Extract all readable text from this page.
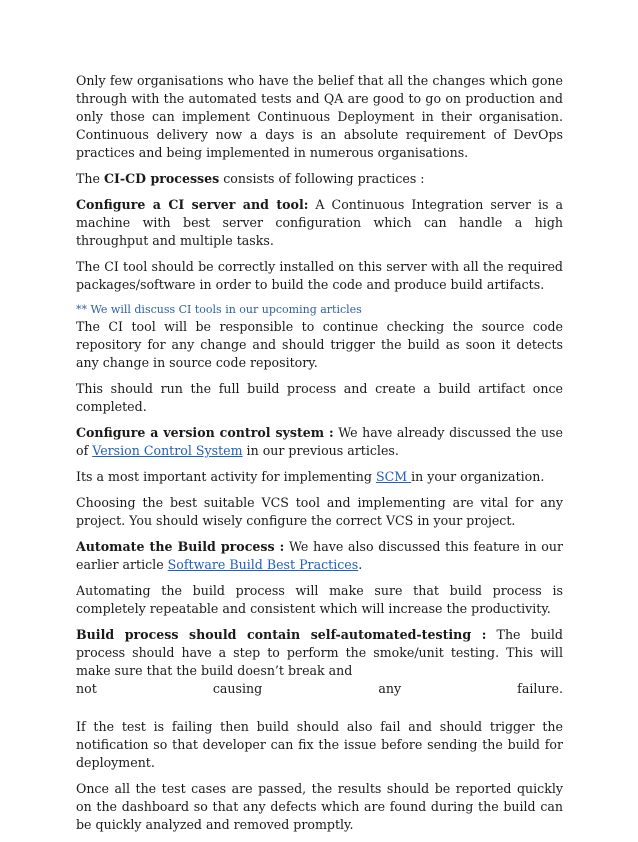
Only few organisations who have the belief that all the changes which gone through with the automated tests and QA are good to go on production and only those can implement Continuous Deployment in their organisation. Continuous delivery now a days is an absolute requirement of DevOps practices and being implemented in numerous organisations.

The CI-CD processes consists of following practices :

Configure a CI server and tool: A Continuous Integration server is a machine with best server configuration which can handle a high throughput and multiple tasks.

The CI tool should be correctly installed on this server with all the required packages/software in order to build the code and produce build artifacts.

** We will discuss CI tools in our upcoming articles

The CI tool will be responsible to continue checking the source code repository for any change and should trigger the build as soon it detects any change in source code repository.

This should run the full build process and create a build artifact once completed.

Configure a version control system : We have already discussed the use of Version Control System in our previous articles.

Its a most important activity for implementing SCM in your organization.

Choosing the best suitable VCS tool and implementing are vital for any project. You should wisely configure the correct VCS in your project.

Automate the Build process : We have also discussed this feature in our earlier article Software Build Best Practices.

Automating the build process will make sure that build process is completely repeatable and consistent which will increase the productivity.

Build process should contain self-automated-testing : The build process should have a step to perform the smoke/unit testing. This will make sure that the build doesn’t break and

not	causing	any	failure.

If the test is failing then build should also fail and should trigger the notification so that developer can fix the issue before sending the build for deployment.

Once all the test cases are passed, the results should be reported quickly on the dashboard so that any defects which are found during the build can be quickly analyzed and removed promptly.
